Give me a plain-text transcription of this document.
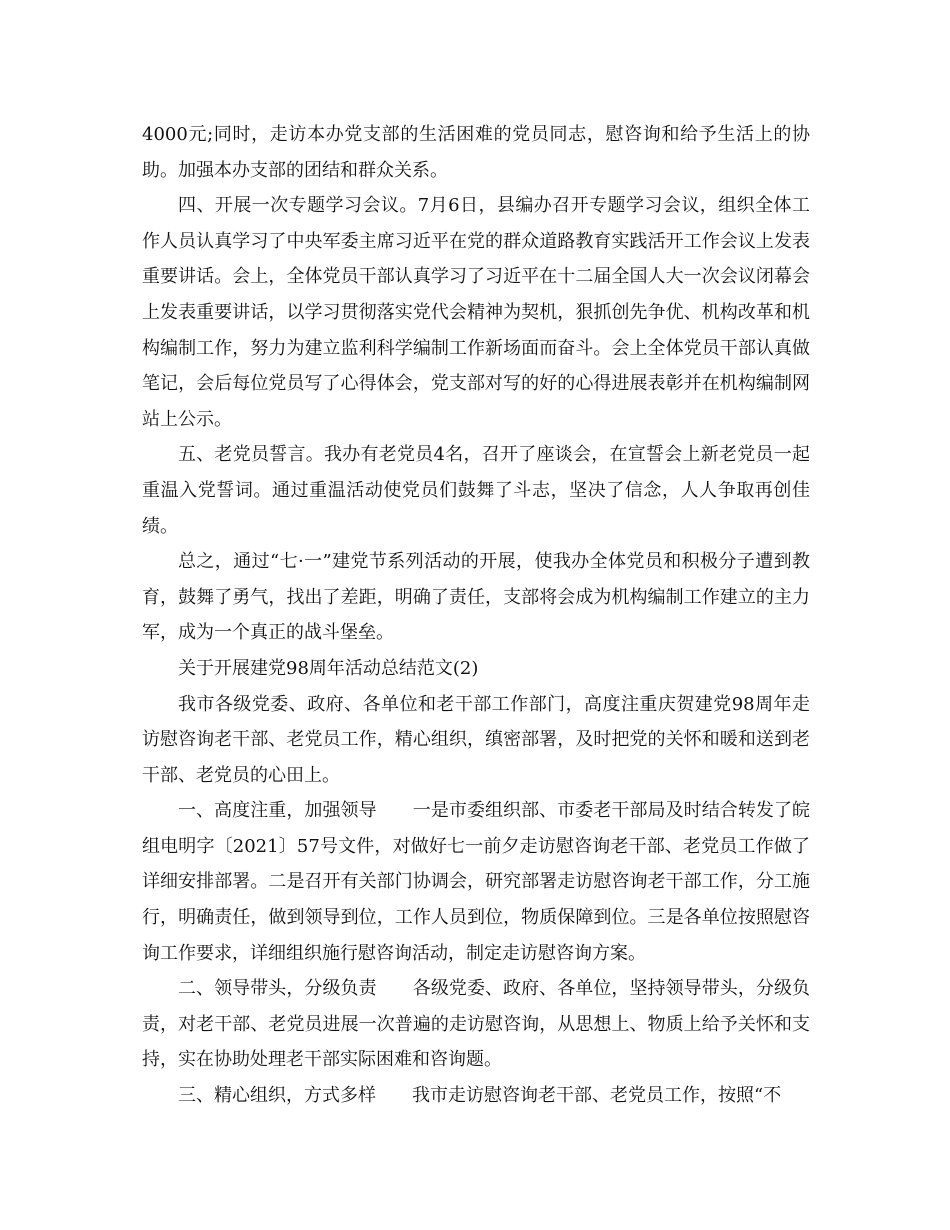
4000元;同时，走访本办党支部的生活困难的党员同志，慰咨询和给予生活上的协助。加强本办支部的团结和群众关系。

四、开展一次专题学习会议。7月6日，县编办召开专题学习会议，组织全体工作人员认真学习了中央军委主席习近平在党的群众道路教育实践活开工作会议上发表重要讲话。会上，全体党员干部认真学习了习近平在十二届全国人大一次会议闭幕会上发表重要讲话，以学习贯彻落实党代会精神为契机，狠抓创先争优、机构改革和机构编制工作，努力为建立监利科学编制工作新场面而奋斗。会上全体党员干部认真做笔记，会后每位党员写了心得体会，党支部对写的好的心得进展表彰并在机构编制网站上公示。

五、老党员誓言。我办有老党员4名，召开了座谈会，在宣誓会上新老党员一起重温入党誓词。通过重温活动使党员们鼓舞了斗志，坚决了信念，人人争取再创佳绩。

总之，通过“七·一”建党节系列活动的开展，使我办全体党员和积极分子遭到教育，鼓舞了勇气，找出了差距，明确了责任，支部将会成为机构编制工作建立的主力军，成为一个真正的战斗堡垒。

关于开展建党98周年活动总结范文(2)

我市各级党委、政府、各单位和老干部工作部门，高度注重庆贺建党98周年走访慰咨询老干部、老党员工作，精心组织，缜密部署，及时把党的关怀和暖和送到老干部、老党员的心田上。

一、高度注重，加强领导　　一是市委组织部、市委老干部局及时结合转发了皖组电明字〔2021〕57号文件，对做好七一前夕走访慰咨询老干部、老党员工作做了详细安排部署。二是召开有关部门协调会，研究部署走访慰咨询老干部工作，分工施行，明确责任，做到领导到位，工作人员到位，物质保障到位。三是各单位按照慰咨询工作要求，详细组织施行慰咨询活动，制定走访慰咨询方案。

二、领导带头，分级负责　　各级党委、政府、各单位，坚持领导带头，分级负责，对老干部、老党员进展一次普遍的走访慰咨询，从思想上、物质上给予关怀和支持，实在协助处理老干部实际困难和咨询题。

三、精心组织，方式多样　　我市走访慰咨询老干部、老党员工作，按照“不
